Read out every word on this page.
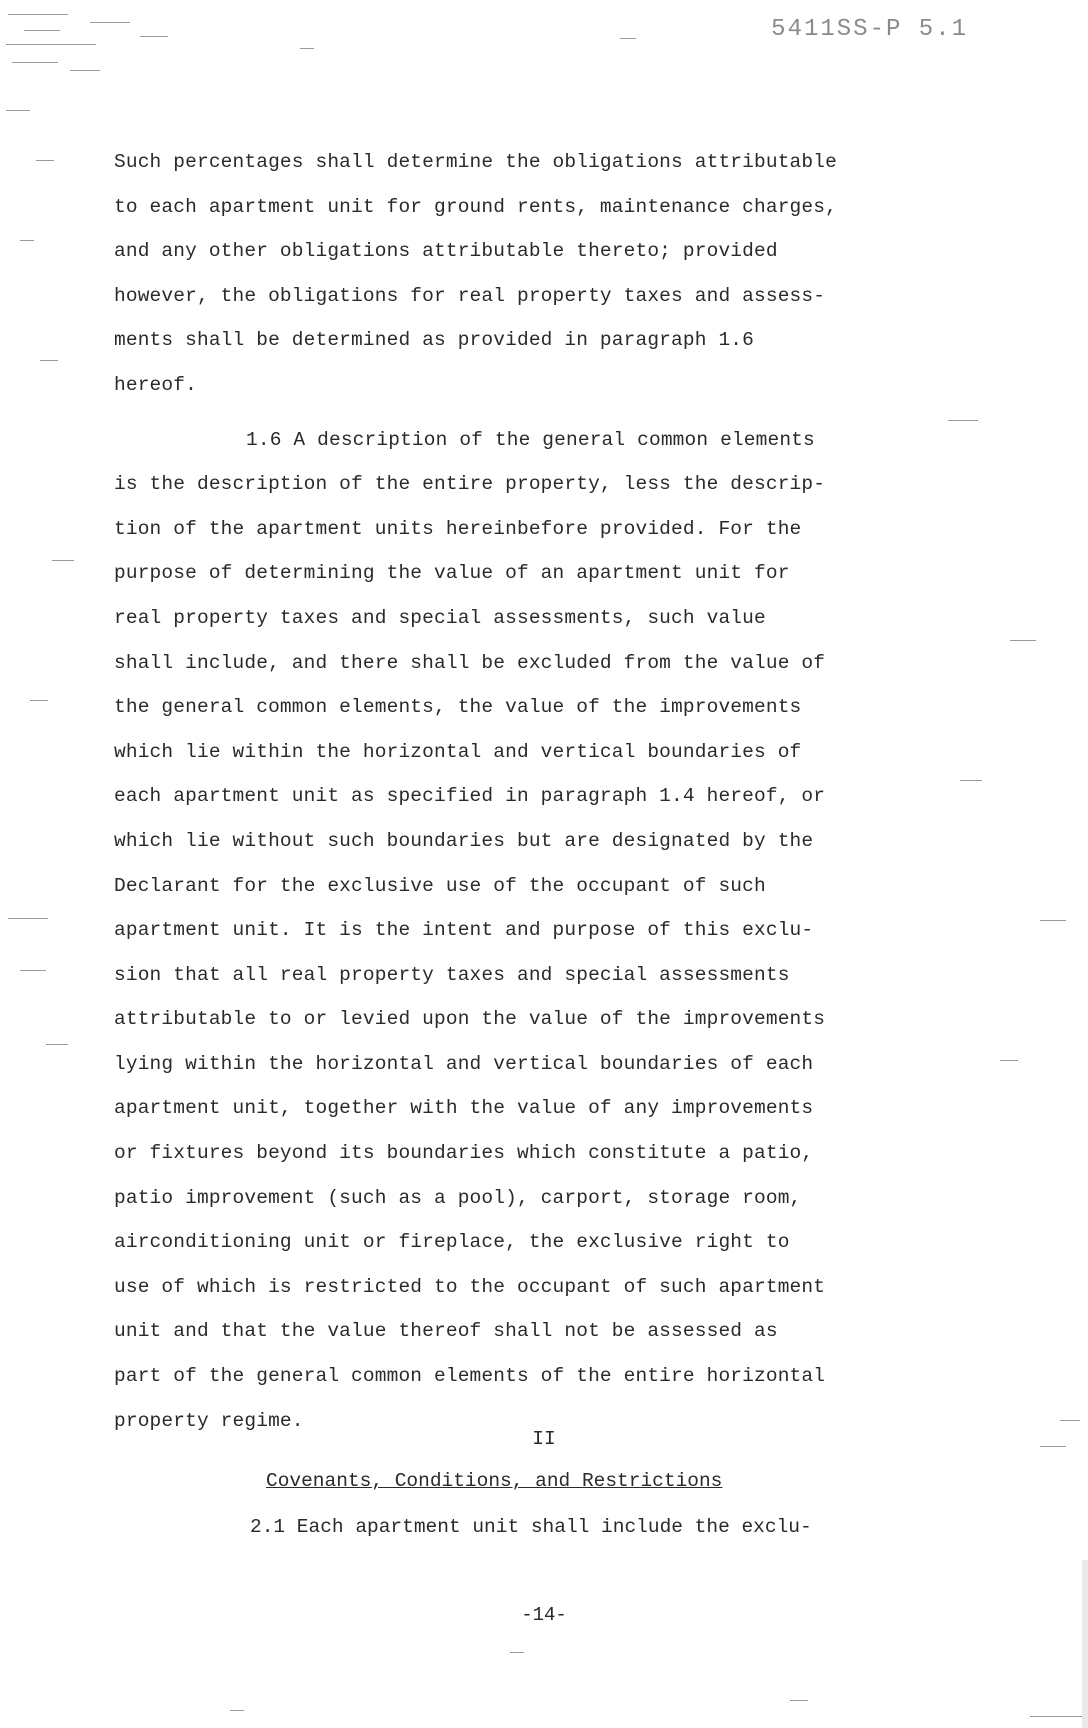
5411SS-P 5.1
Such percentages shall determine the obligations attributable
to each apartment unit for ground rents, maintenance charges,
and any other obligations attributable thereto; provided
however, the obligations for real property taxes and assess-
ments shall be determined as provided in paragraph 1.6
hereof.
1.6 A description of the general common elements
is the description of the entire property, less the descrip-
tion of the apartment units hereinbefore provided. For the
purpose of determining the value of an apartment unit for
real property taxes and special assessments, such value
shall include, and there shall be excluded from the value of
the general common elements, the value of the improvements
which lie within the horizontal and vertical boundaries of
each apartment unit as specified in paragraph 1.4 hereof, or
which lie without such boundaries but are designated by the
Declarant for the exclusive use of the occupant of such
apartment unit. It is the intent and purpose of this exclu-
sion that all real property taxes and special assessments
attributable to or levied upon the value of the improvements
lying within the horizontal and vertical boundaries of each
apartment unit, together with the value of any improvements
or fixtures beyond its boundaries which constitute a patio,
patio improvement (such as a pool), carport, storage room,
airconditioning unit or fireplace, the exclusive right to
use of which is restricted to the occupant of such apartment
unit and that the value thereof shall not be assessed as
part of the general common elements of the entire horizontal
property regime.
II
Covenants, Conditions, and Restrictions
2.1 Each apartment unit shall include the exclu-
-14-
